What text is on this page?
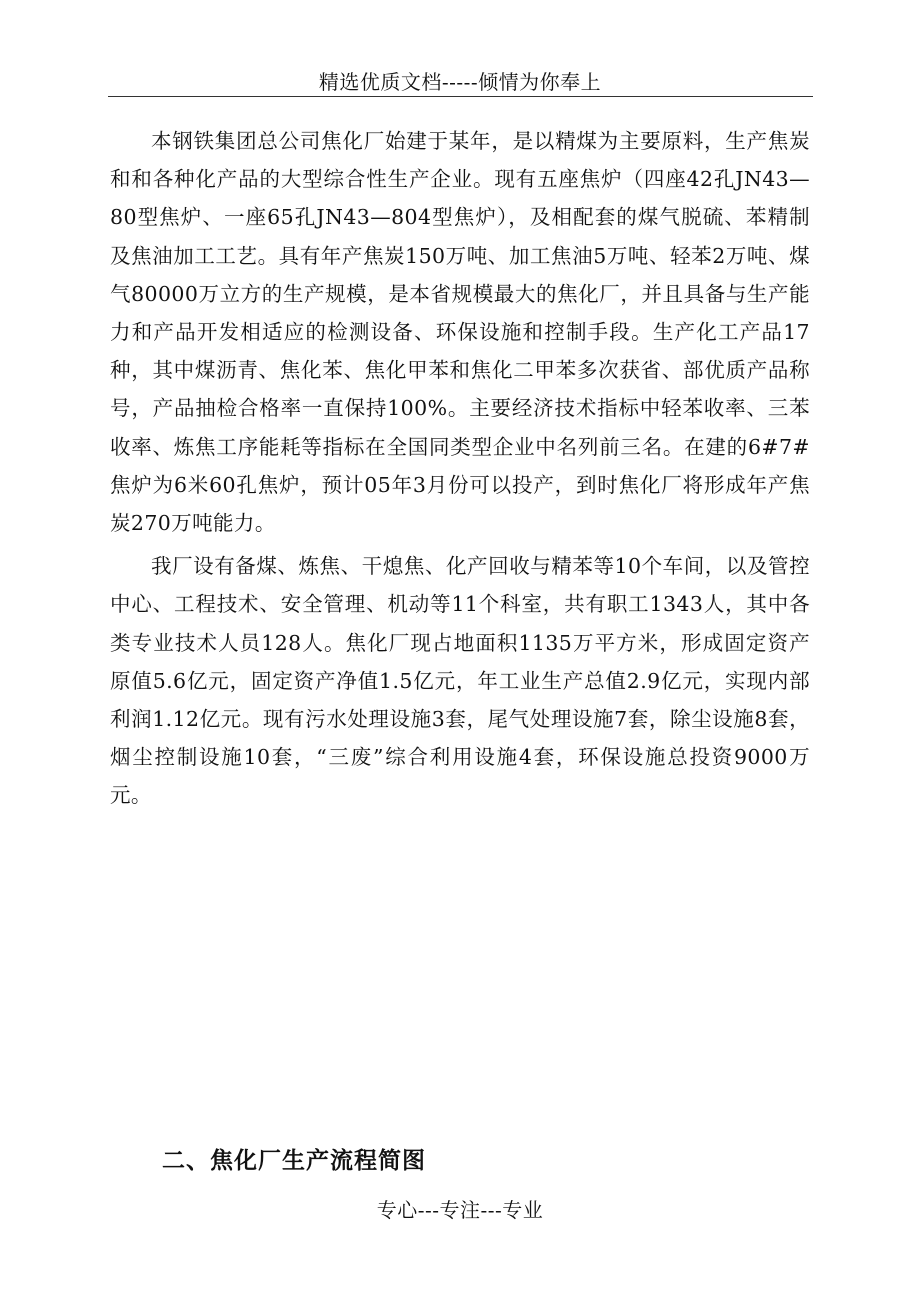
精选优质文档-----倾情为你奉上

本钢铁集团总公司焦化厂始建于某年，是以精煤为主要原料，生产焦炭和和各种化产品的大型综合性生产企业。现有五座焦炉（四座42孔JN43—80型焦炉、一座65孔JN43—804型焦炉），及相配套的煤气脱硫、苯精制及焦油加工工艺。具有年产焦炭150万吨、加工焦油5万吨、轻苯2万吨、煤气80000万立方的生产规模，是本省规模最大的焦化厂，并且具备与生产能力和产品开发相适应的检测设备、环保设施和控制手段。生产化工产品17种，其中煤沥青、焦化苯、焦化甲苯和焦化二甲苯多次获省、部优质产品称号，产品抽检合格率一直保持100%。主要经济技术指标中轻苯收率、三苯收率、炼焦工序能耗等指标在全国同类型企业中名列前三名。在建的6#7#焦炉为6米60孔焦炉，预计05年3月份可以投产，到时焦化厂将形成年产焦炭270万吨能力。

我厂设有备煤、炼焦、干熄焦、化产回收与精苯等10个车间，以及管控中心、工程技术、安全管理、机动等11个科室，共有职工1343人，其中各类专业技术人员128人。焦化厂现占地面积1135万平方米，形成固定资产原值5.6亿元，固定资产净值1.5亿元，年工业生产总值2.9亿元，实现内部利润1.12亿元。现有污水处理设施3套，尾气处理设施7套，除尘设施8套，烟尘控制设施10套，“三废”综合利用设施4套，环保设施总投资9000万元。

二、焦化厂生产流程简图
专心---专注---专业
